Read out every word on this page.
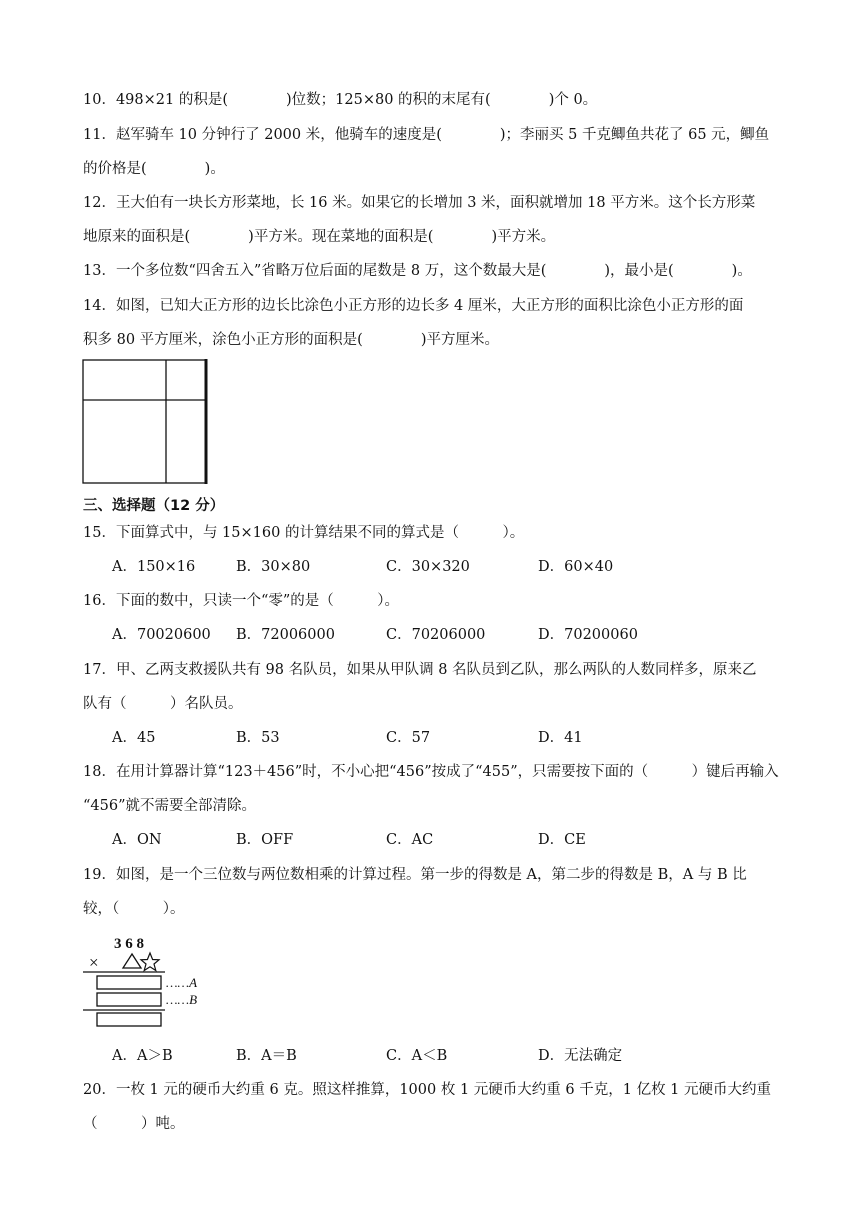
10．498×21 的积是(　　　　)位数；125×80 的积的末尾有(　　　　)个 0。
11．赵军骑车 10 分钟行了 2000 米，他骑车的速度是(　　　　)；李丽买 5 千克鲫鱼共花了 65 元，鲫鱼
的价格是(　　　　)。
12．王大伯有一块长方形菜地，长 16 米。如果它的长增加 3 米，面积就增加 18 平方米。这个长方形菜
地原来的面积是(　　　　)平方米。现在菜地的面积是(　　　　)平方米。
13．一个多位数“四舍五入”省略万位后面的尾数是 8 万，这个数最大是(　　　　)，最小是(　　　　)。
14．如图，已知大正方形的边长比涂色小正方形的边长多 4 厘米，大正方形的面积比涂色小正方形的面
积多 80 平方厘米，涂色小正方形的面积是(　　　　)平方厘米。
三、选择题（12 分）
15．下面算式中，与 15×160 的计算结果不同的算式是（　　　）。
A．150×16	B．30×80	C．30×320	D．60×40
16．下面的数中，只读一个“零”的是（　　　）。
A．70020600 B．72006000	C．70206000	D．70200060
17．甲、乙两支救援队共有 98 名队员，如果从甲队调 8 名队员到乙队，那么两队的人数同样多，原来乙
队有（　　　）名队员。
A．45	B．53	C．57	D．41
18．在用计算器计算“123＋456”时，不小心把“456”按成了“455”，只需要按下面的（　　　）键后再输入
“456”就不需要全部清除。
A．ON	B．OFF	C．AC	D．CE
19．如图，是一个三位数与两位数相乘的计算过程。第一步的得数是 A，第二步的得数是 B，A 与 B 比
较，（　　　）。
3 6 8
×
……A
……B
A．A＞B	B．A＝B	C．A＜B	D．无法确定
20．一枚 1 元的硬币大约重 6 克。照这样推算，1000 枚 1 元硬币大约重 6 千克，1 亿枚 1 元硬币大约重
（　　　）吨。
